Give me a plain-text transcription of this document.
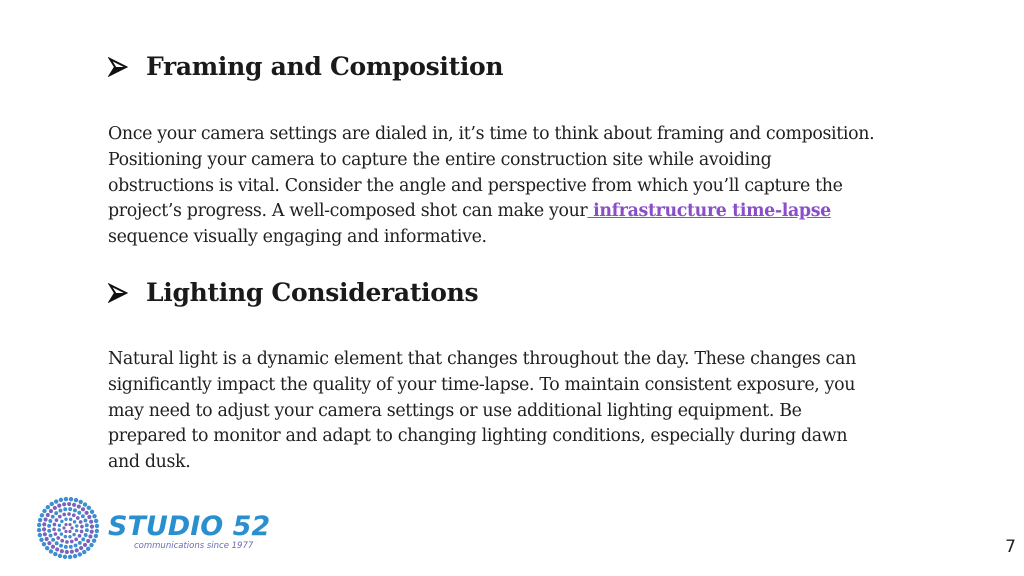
Framing and Composition

Once your camera settings are dialed in, it’s time to think about framing and composition. Positioning your camera to capture the entire construction site while avoiding obstructions is vital. Consider the angle and perspective from which you’ll capture the project’s progress. A well-composed shot can make your infrastructure time-lapse sequence visually engaging and informative.

Lighting Considerations

Natural light is a dynamic element that changes throughout the day. These changes can significantly impact the quality of your time-lapse. To maintain consistent exposure, you may need to adjust your camera settings or use additional lighting equipment. Be prepared to monitor and adapt to changing lighting conditions, especially during dawn and dusk.

STUDIO 52
communications since 1977	7
